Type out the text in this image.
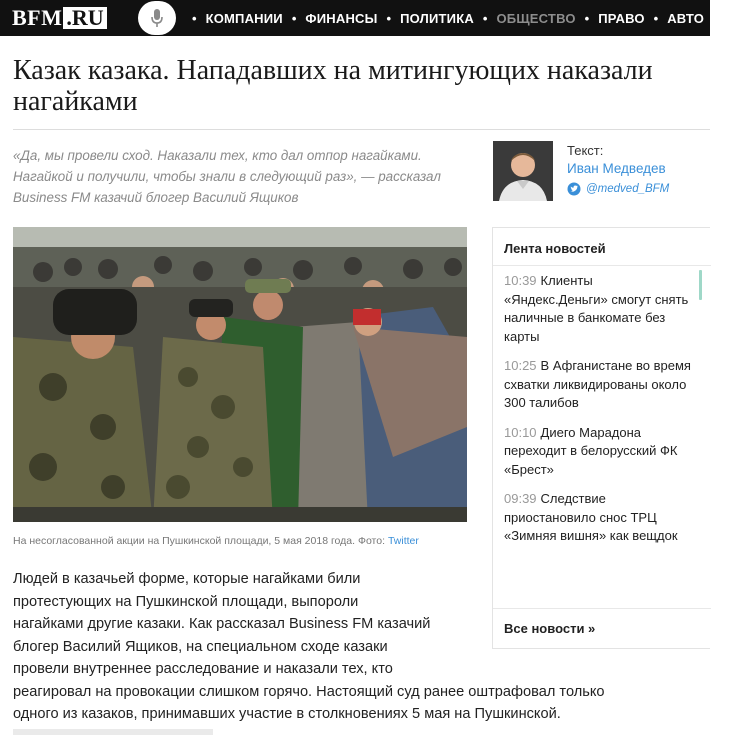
BFM .RU	• КОМПАНИИ • ФИНАНСЫ • ПОЛИТИКА • ОБЩЕСТВО • ПРАВО • АВТО • НЕД
Казак казака. Нападавших на митингующих наказали нагайками

«Да, мы провели сход. Наказали тех, кто дал отпор нагайками. Нагайкой и получили, чтобы знали в следующий раз», — рассказал Business FM казачий блогер Василий Ящиков

Текст:
Иван Медведев
@medved_BFM
На несогласованной акции на Пушкинской площади, 5 мая 2018 года. Фото: Twitter
Людей в казачьей форме, которые нагайками били
протестующих на Пушкинской площади, выпороли
нагайками другие казаки. Как рассказал Business FM казачий
блогер Василий Ящиков, на специальном сходе казаки
провели внутреннее расследование и наказали тех, кто
реагировал на провокации слишком горячо. Настоящий суд ранее оштрафовал только
одного из казаков, принимавших участие в столкновениях 5 мая на Пушкинской.
Лента новостей
10:39 Клиенты «Яндекс.Деньги» смогут снять наличные в банкомате без карты
10:25 В Афганистане во время схватки ликвидированы около 300 талибов
10:10 Диего Марадона переходит в белорусский ФК «Брест»
09:39 Следствие приостановило снос ТРЦ «Зимняя вишня» как вещдок
Все новости »
